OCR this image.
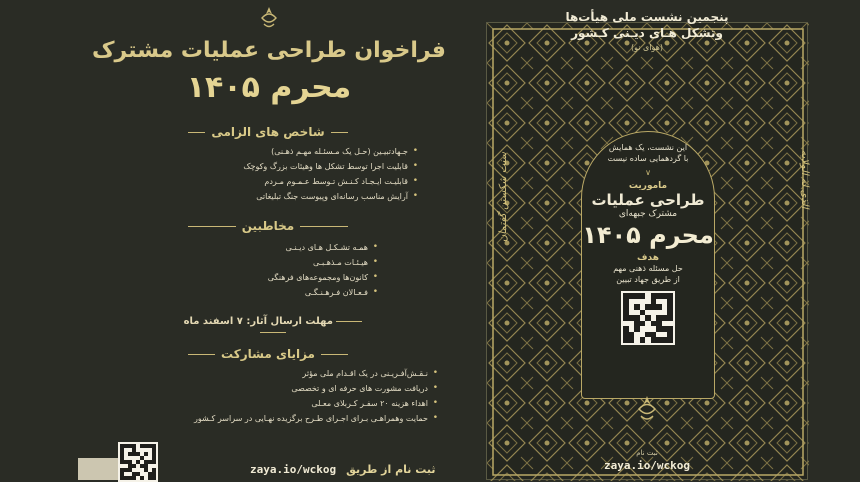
فراخوان طراحی عملیات مشترک
محرم ۱۴۰۵
شاخص های الزامی
• جـهادتبیـین (حـل یک مـسئـله مهـم ذهـنی)
• قابلیت اجرا توسط تشکل ها وهیئات بزرگ وکوچک
• قابلیـت ایـجـاد کـنـش تـوسط عـمـوم مـردم
• آرایش مناسب رسانه‌ای وپیوست جنگ تبلیغاتی
مخاطبین
• همـه تشـکـل هـای دیـنـی
• هیـئـات مـذهـبـی
• کانون‌ها ومجموعه‌های فرهنگی
• فـعـالان فـرهـنـگـی
مهلت ارسال آثار: ۷ اسفند ماه
مزایای مشارکت
• نـقـش‌آفـریـنی در یک اقـدام ملی مؤثر
• دریافت مشورت های حرفه ای و تخصصی
• اهداء هزینه ۲۰ سفـر کـربلای معـلی
• حمایت وهمراهـی بـرای اجـرای طـرح برگزیده نهـایی در سراسر کـشور
zaya.io/wckog ثبت نام از طریق
پنجمین نشست ملی هیأت‌ها
وتشکل هـای دیـنی کـشور
(هوای نو)
این نشست، یک همایش
با گردهمایی ساده نیست
∨
ماموریت
طراحی عملیات
مشترک جبهه‌ای
محرم ۱۴۰۵
هدف
حل مسئله ذهنی مهم
از طریق جهاد تبیین
ثبت نام
zaya.io/wckog
سنت شکستن گفتمان	الذی له الولایه
